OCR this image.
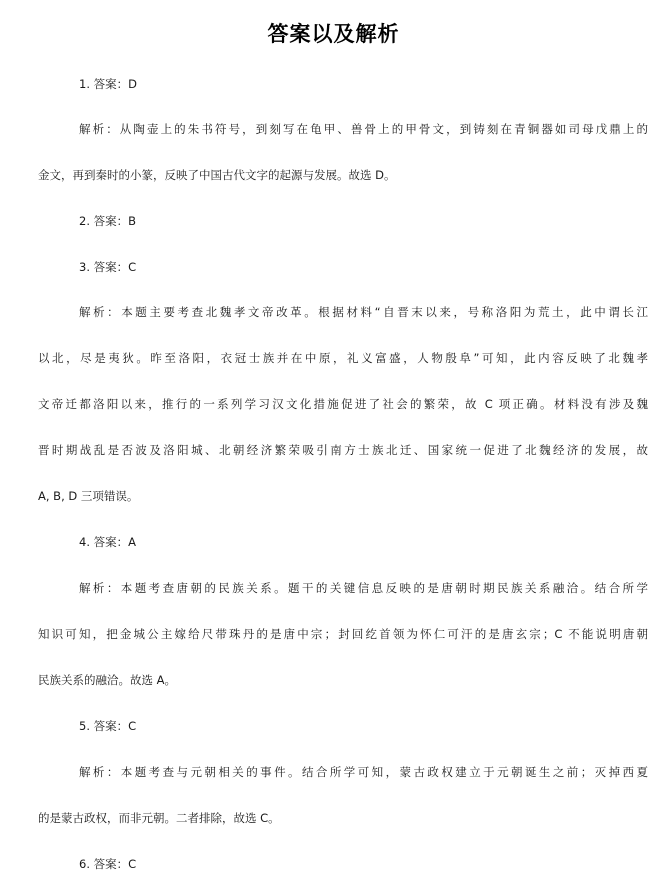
答案以及解析
1. 答案：D
解析：从陶壶上的朱书符号，到刻写在龟甲、兽骨上的甲骨文，到铸刻在青铜器如司母戊鼎上的
金文，再到秦时的小篆，反映了中国古代文字的起源与发展。故选 D。
2. 答案：B
3. 答案：C
解析：本题主要考查北魏孝文帝改革。根据材料“自晋末以来，号称洛阳为荒土，此中谓长江
以北，尽是夷狄。昨至洛阳，衣冠士族并在中原，礼义富盛，人物殷阜”可知，此内容反映了北魏孝
文帝迁都洛阳以来，推行的一系列学习汉文化措施促进了社会的繁荣，故 C 项正确。材料没有涉及魏
晋时期战乱是否波及洛阳城、北朝经济繁荣吸引南方士族北迁、国家统一促进了北魏经济的发展，故
A, B, D 三项错误。
4. 答案：A
解析：本题考查唐朝的民族关系。题干的关键信息反映的是唐朝时期民族关系融洽。结合所学
知识可知，把金城公主嫁给尺带珠丹的是唐中宗；封回纥首领为怀仁可汗的是唐玄宗；C 不能说明唐朝
民族关系的融洽。故选 A。
5. 答案：C
解析：本题考查与元朝相关的事件。结合所学可知，蒙古政权建立于元朝诞生之前；灭掉西夏
的是蒙古政权，而非元朝。二者排除，故选 C。
6. 答案：C
